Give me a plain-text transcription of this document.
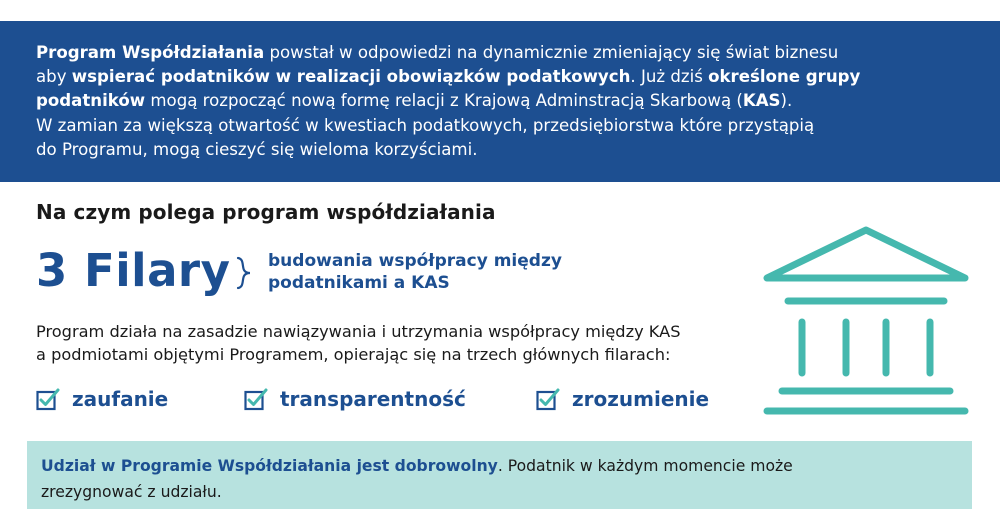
Program Współdziałania powstał w odpowiedzi na dynamicznie zmieniający się świat biznesu
aby wspierać podatników w realizacji obowiązków podatkowych. Już dziś określone grupy
podatników mogą rozpocząć nową formę relacji z Krajową Adminstracją Skarbową (KAS).
W zamian za większą otwartość w kwestiach podatkowych, przedsiębiorstwa które przystąpią
do Programu, mogą cieszyć się wieloma korzyściami.
Na czym polega program współdziałania
3 Filary budowania współpracy między
podatnikami a KAS
Program działa na zasadzie nawiązywania i utrzymania współpracy między KAS
a podmiotami objętymi Programem, opierając się na trzech głównych filarach:
zaufanie	transparentność	zrozumienie
Udział w Programie Współdziałania jest dobrowolny. Podatnik w każdym momencie może
zrezygnować z udziału.
